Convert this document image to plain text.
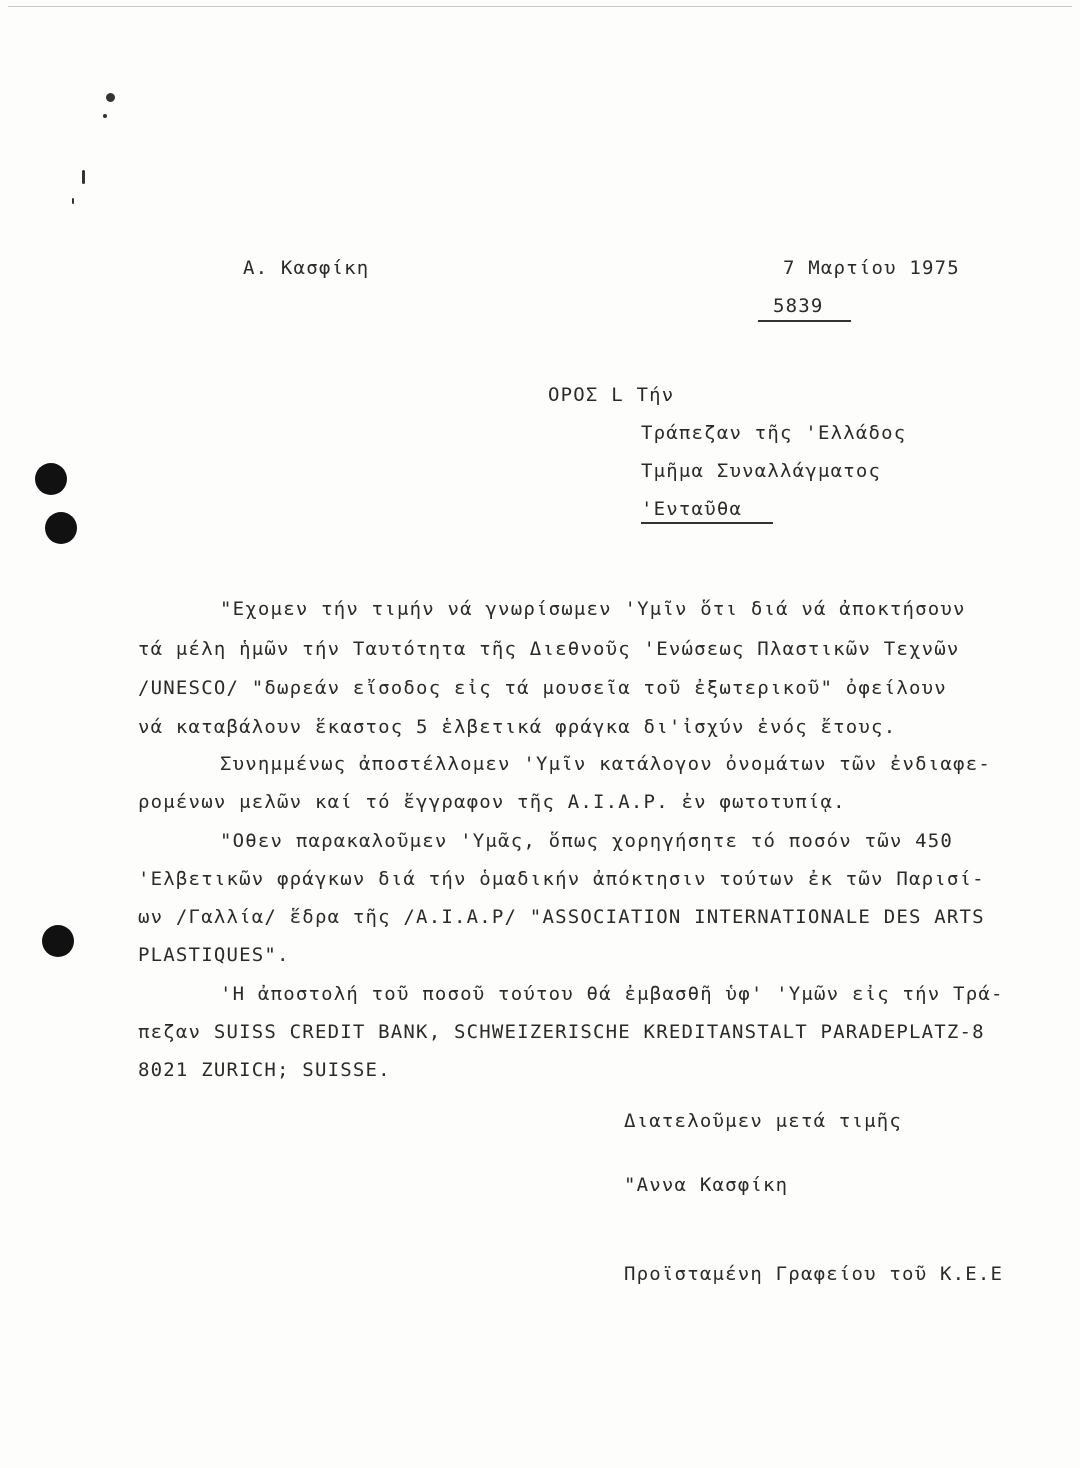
Α. Κασφίκη	7 Μαρτίου 1975
5839
ΟΡΟΣ L Τήν
Τράπεζαν τῆς 'Ελλάδος
Τμῆμα Συναλλάγματος
'Ενταῦθα
"Εχομεν τήν τιμήν νά γνωρίσωμεν 'Υμῖν ὅτι διά νά ἀποκτήσουν
τά μέλη ἡμῶν τήν Ταυτότητα τῆς Διεθνοῦς 'Ενώσεως Πλαστικῶν Τεχνῶν
/UNESCO/ "δωρεάν εἴσοδος εἰς τά μουσεῖα τοῦ ἐξωτερικοῦ" ὀφείλουν
νά καταβάλουν ἕκαστος 5 ἑλβετικά φράγκα δι'ἰσχύν ἑνός ἔτους.
Συνημμένως ἀποστέλλομεν 'Υμῖν κατάλογον ὀνομάτων τῶν ἐνδιαφε-
ρομένων μελῶν καί τό ἔγγραφον τῆς Α.Ι.Α.Ρ. ἐν φωτοτυπίᾳ.
"Οθεν παρακαλοῦμεν 'Υμᾶς, ὅπως χορηγήσητε τό ποσόν τῶν 450
'Ελβετικῶν φράγκων διά τήν ὁμαδικήν ἀπόκτησιν τούτων ἐκ τῶν Παρισί-
ων /Γαλλία/ ἕδρα τῆς /Α.Ι.Α.Ρ/ "ASSOCIATION INTERNATIONALE DES ARTS
PLASTIQUES".
'Η ἀποστολή τοῦ ποσοῦ τούτου θά ἐμβασθῆ ὑφ' 'Υμῶν εἰς τήν Τρά-
πεζαν SUISS CREDIT BANK, SCHWEIZERISCHE KREDITANSTALT PARADEPLATZ-8
8021 ZURICH; SUISSE.
Διατελοῦμεν μετά τιμῆς
"Αννα Κασφίκη
Προϊσταμένη Γραφείου τοῦ Κ.Ε.Ε
